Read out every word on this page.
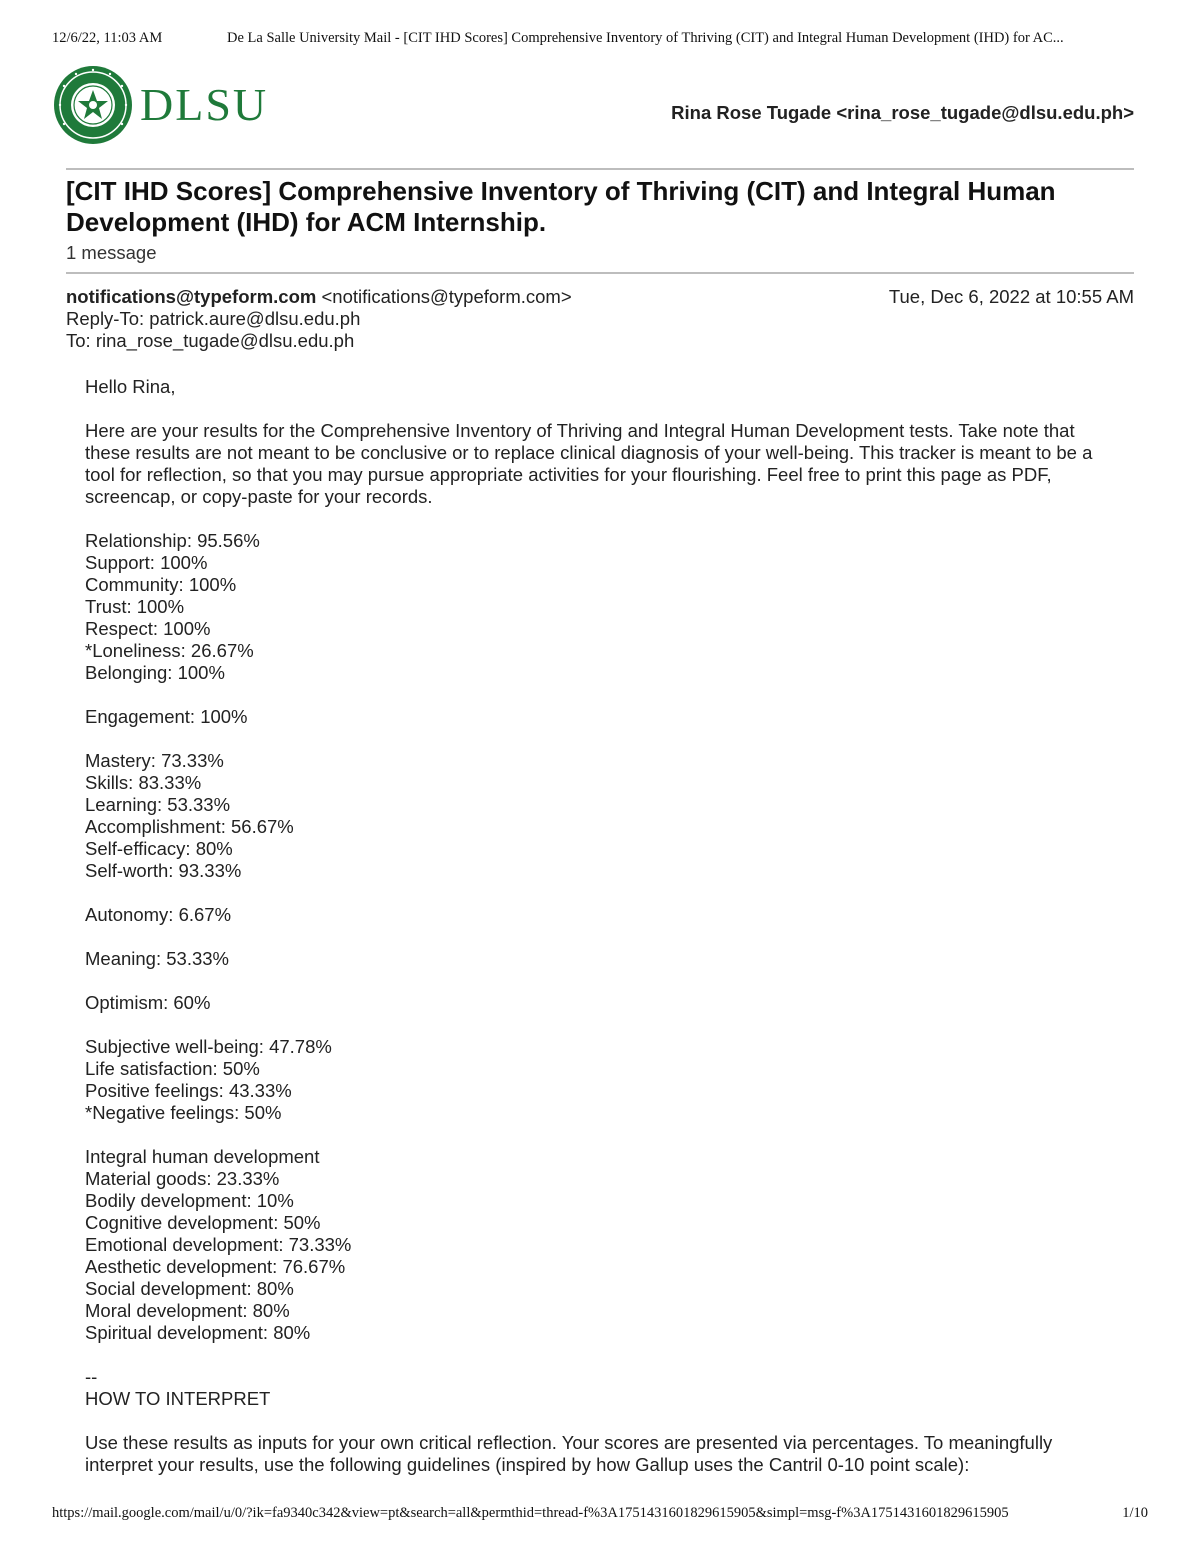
12/6/22, 11:03 AM	De La Salle University Mail - [CIT IHD Scores] Comprehensive Inventory of Thriving (CIT) and Integral Human Development (IHD) for AC...
DLSU	Rina Rose Tugade <rina_rose_tugade@dlsu.edu.ph>
[CIT IHD Scores] Comprehensive Inventory of Thriving (CIT) and Integral Human Development (IHD) for ACM Internship.
1 message
notifications@typeform.com <notifications@typeform.com>	Tue, Dec 6, 2022 at 10:55 AM
Reply-To: patrick.aure@dlsu.edu.ph
To: rina_rose_tugade@dlsu.edu.ph

Hello Rina,

Here are your results for the Comprehensive Inventory of Thriving and Integral Human Development tests. Take note that these results are not meant to be conclusive or to replace clinical diagnosis of your well-being. This tracker is meant to be a tool for reflection, so that you may pursue appropriate activities for your flourishing. Feel free to print this page as PDF, screencap, or copy-paste for your records.

Relationship: 95.56%
Support: 100%
Community: 100%
Trust: 100%
Respect: 100%
*Loneliness: 26.67%
Belonging: 100%
Engagement: 100%
Mastery: 73.33%
Skills: 83.33%
Learning: 53.33%
Accomplishment: 56.67%
Self-efficacy: 80%
Self-worth: 93.33%
Autonomy: 6.67%
Meaning: 53.33%
Optimism: 60%
Subjective well-being: 47.78%
Life satisfaction: 50%
Positive feelings: 43.33%
*Negative feelings: 50%
Integral human development
Material goods: 23.33%
Bodily development: 10%
Cognitive development: 50%
Emotional development: 73.33%
Aesthetic development: 76.67%
Social development: 80%
Moral development: 80%
Spiritual development: 80%
--

HOW TO INTERPRET

Use these results as inputs for your own critical reflection. Your scores are presented via percentages. To meaningfully interpret your results, use the following guidelines (inspired by how Gallup uses the Cantril 0-10 point scale):

https://mail.google.com/mail/u/0/?ik=fa9340c342&view=pt&search=all&permthid=thread-f%3A1751431601829615905&simpl=msg-f%3A1751431601829615905	1/10
